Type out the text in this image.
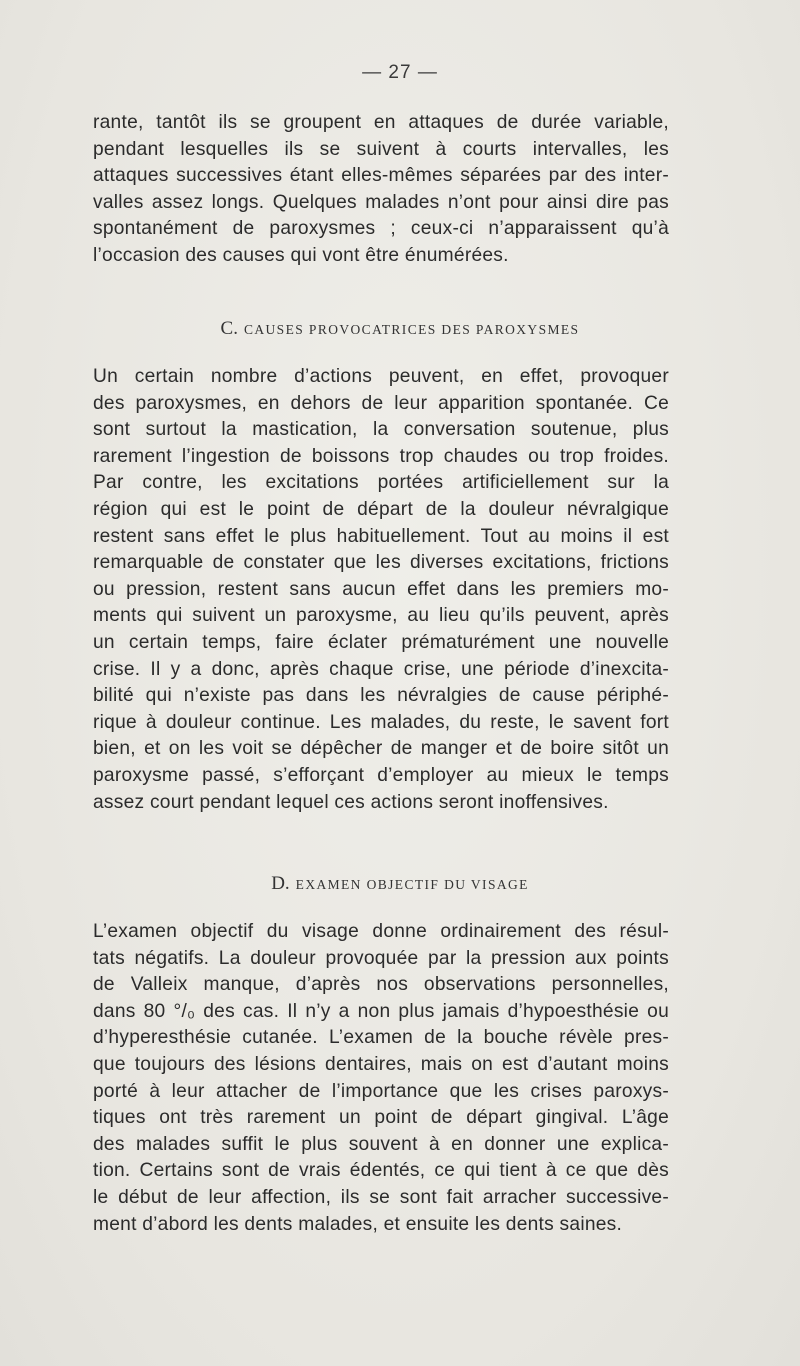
— 27 —
rante, tantôt ils se groupent en attaques de durée variable,
pendant lesquelles ils se suivent à courts intervalles, les
attaques successives étant elles-mêmes séparées par des inter-
valles assez longs. Quelques malades n’ont pour ainsi dire pas
spontanément de paroxysmes ; ceux-ci n’apparaissent qu’à
l’occasion des causes qui vont être énumérées.
C. CAUSES PROVOCATRICES DES PAROXYSMES
Un certain nombre d’actions peuvent, en effet, provoquer
des paroxysmes, en dehors de leur apparition spontanée. Ce
sont surtout la mastication, la conversation soutenue, plus
rarement l’ingestion de boissons trop chaudes ou trop froides.
Par contre, les excitations portées artificiellement sur la
région qui est le point de départ de la douleur névralgique
restent sans effet le plus habituellement. Tout au moins il est
remarquable de constater que les diverses excitations, frictions
ou pression, restent sans aucun effet dans les premiers mo-
ments qui suivent un paroxysme, au lieu qu’ils peuvent, après
un certain temps, faire éclater prématurément une nouvelle
crise. Il y a donc, après chaque crise, une période d’inexcita-
bilité qui n’existe pas dans les névralgies de cause périphé-
rique à douleur continue. Les malades, du reste, le savent fort
bien, et on les voit se dépêcher de manger et de boire sitôt un
paroxysme passé, s’efforçant d’employer au mieux le temps
assez court pendant lequel ces actions seront inoffensives.
D. EXAMEN OBJECTIF DU VISAGE
L’examen objectif du visage donne ordinairement des résul-
tats négatifs. La douleur provoquée par la pression aux points
de Valleix manque, d’après nos observations personnelles,
dans 80 °/₀ des cas. Il n’y a non plus jamais d’hypoesthésie ou
d’hyperesthésie cutanée. L’examen de la bouche révèle pres-
que toujours des lésions dentaires, mais on est d’autant moins
porté à leur attacher de l’importance que les crises paroxys-
tiques ont très rarement un point de départ gingival. L’âge
des malades suffit le plus souvent à en donner une explica-
tion. Certains sont de vrais édentés, ce qui tient à ce que dès
le début de leur affection, ils se sont fait arracher successive-
ment d’abord les dents malades, et ensuite les dents saines.
